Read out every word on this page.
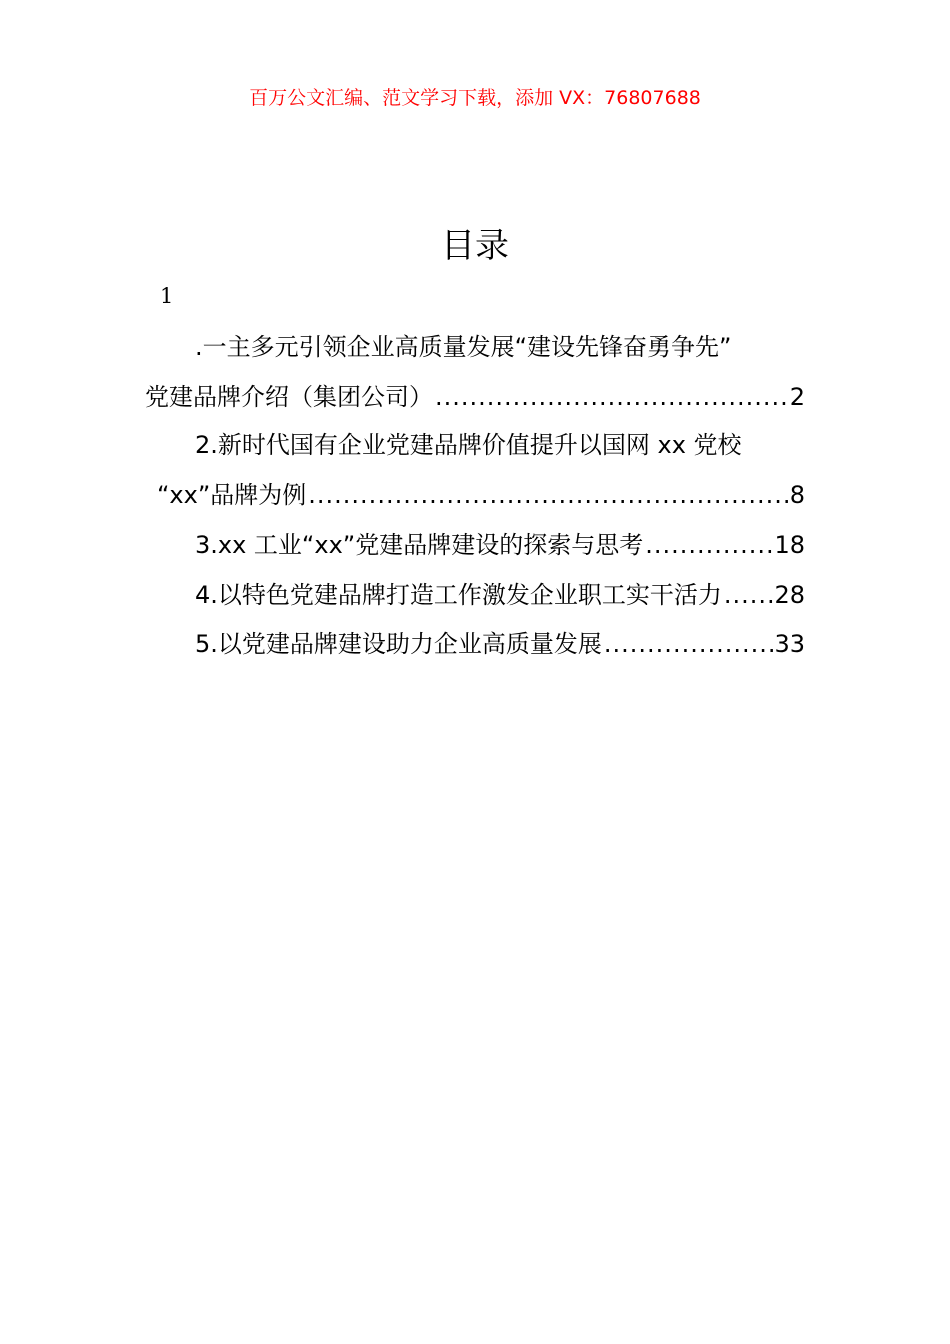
百万公文汇编、范文学习下载，添加 VX：76807688
目录
1
.一主多元引领企业高质量发展“建设先锋奋勇争先”
党建品牌介绍（集团公司） .....	2
2.新时代国有企业党建品牌价值提升以国网 xx 党校
“xx”品牌为例 .....	8
3.xx 工业“xx”党建品牌建设的探索与思考 .....	18
4.以特色党建品牌打造工作激发企业职工实干活力 ..... 28
5.以党建品牌建设助力企业高质量发展 .....	33
